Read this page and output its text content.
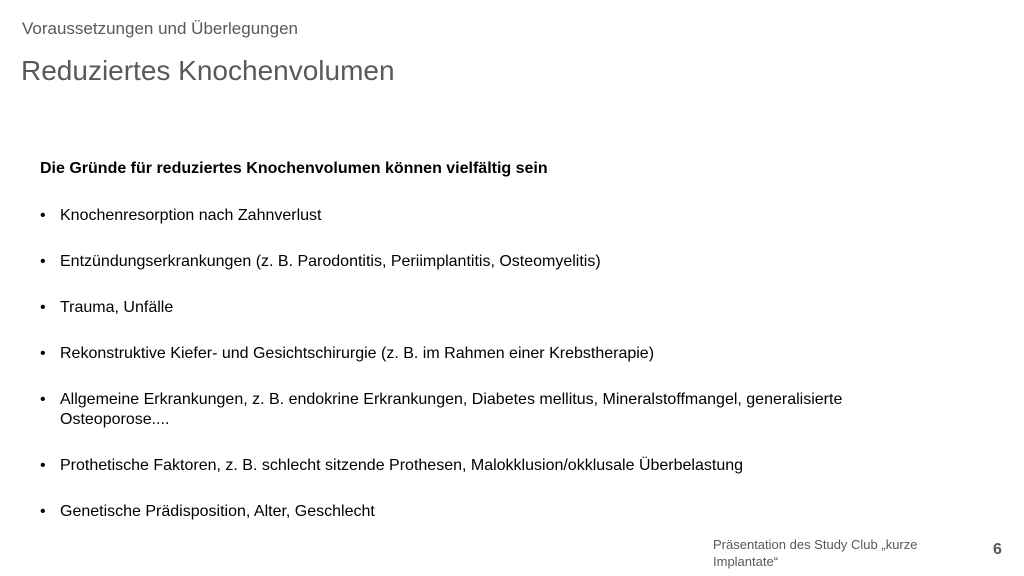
Voraussetzungen und Überlegungen
Reduziertes Knochenvolumen
Die Gründe für reduziertes Knochenvolumen können vielfältig sein
• Knochenresorption nach Zahnverlust
• Entzündungserkrankungen (z. B. Parodontitis, Periimplantitis, Osteomyelitis)
• Trauma, Unfälle
• Rekonstruktive Kiefer- und Gesichtschirurgie (z. B. im Rahmen einer Krebstherapie)
• Allgemeine Erkrankungen, z. B. endokrine Erkrankungen, Diabetes mellitus, Mineralstoffmangel, generalisierte Osteoporose....
• Prothetische Faktoren, z. B. schlecht sitzende Prothesen, Malokklusion/okklusale Überbelastung
• Genetische Prädisposition, Alter, Geschlecht
Präsentation des Study Club „kurze Implantate“
6
